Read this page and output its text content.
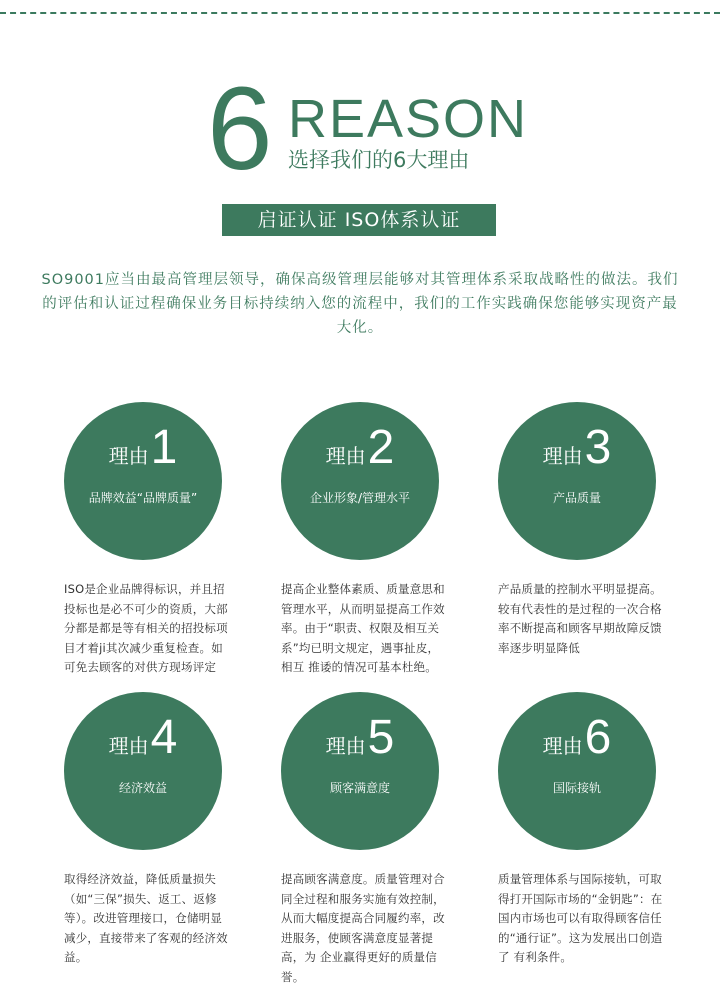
6 REASON
选择我们的6大理由
启证认证 ISO体系认证
SO9001应当由最高管理层领导，确保高级管理层能够对其管理体系采取战略性的做法。我们的评估和认证过程确保业务目标持续纳入您的流程中，我们的工作实践确保您能够实现资产最大化。
理由1
品牌效益“品牌质量”
ISO是企业品牌得标识，并且招投标也是必不可少的资质，大部分都是都是等有相关的招投标项目才着ji其次减少重复检查。如可免去顾客的对供方现场评定
理由2
企业形象/管理水平
提高企业整体素质、质量意思和管理水平，从而明显提高工作效 率。由于“职责、权限及相互关系”均已明文规定，遇事扯皮，相互 推诿的情况可基本杜绝。
理由3
产品质量
产品质量的控制水平明显提高。较有代表性的是过程的一次合格 率不断提高和顾客早期故障反馈率逐步明显降低
理由4
经济效益
取得经济效益，降低质量损失（如“三保”损失、返工、返修等）。改进管理接口，仓储明显减少，直接带来了客观的经济效益。
理由5
顾客满意度
提高顾客满意度。质量管理对合同全过程和服务实施有效控制， 从而大幅度提高合同履约率，改进服务，使顾客满意度显著提高，为 企业赢得更好的质量信誉。
理由6
国际接轨
质量管理体系与国际接轨，可取得打开国际市场的“金钥匙”：在 国内市场也可以有取得顾客信任的“通行证”。这为发展出口创造了 有利条件。
